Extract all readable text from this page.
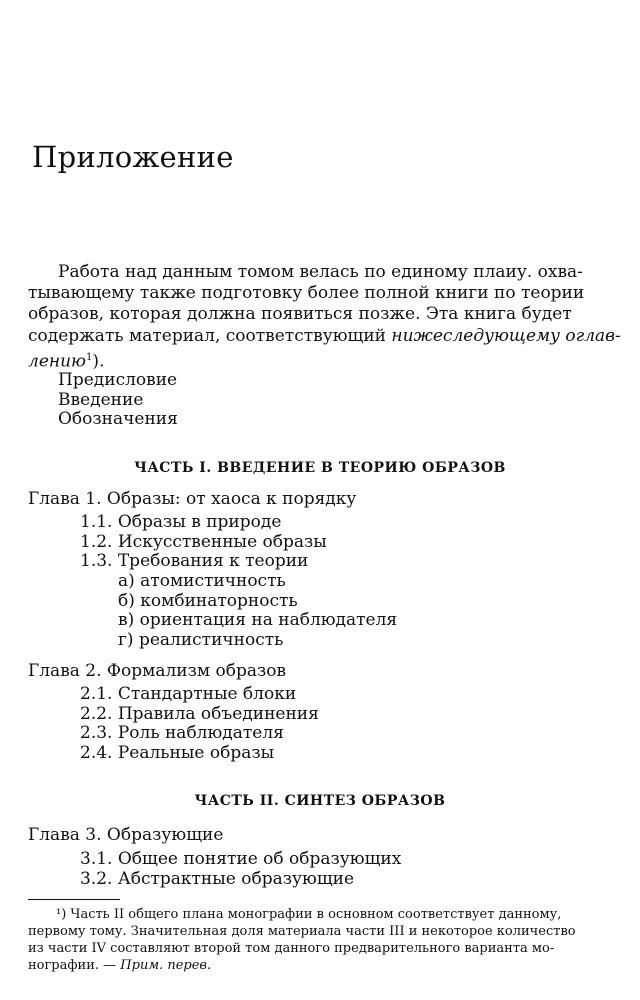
Приложение
Работа над данным томом велась по единому плаиу. охва-
тывающему также подготовку более полной книги по теории
образов, которая должна появиться позже. Эта книга будет
содержать материал, соответствующий нижеследующему оглав-
лению$^1$).
Предисловие
Введение
Обозначения
ЧАСТЬ I. ВВЕДЕНИЕ В ТЕОРИЮ ОБРАЗОВ
Глава 1. Образы: от хаоса к порядку
1.1. Образы в природе
1.2. Искусственные образы
1.3. Требования к теории
а) атомистичность
б) комбинаторность
в) ориентация на наблюдателя
г) реалистичность
Глава 2. Формализм образов
2.1. Стандартные блоки
2.2. Правила объединения
2.3. Роль наблюдателя
2.4. Реальные образы
ЧАСТЬ II. СИНТЕЗ ОБРАЗОВ
Глава 3. Образующие
3.1. Общее понятие об образующих
3.2. Абстрактные образующие
¹) Часть II общего плана монографии в основном соответствует данному,
первому тому. Значительная доля материала части III и некоторое количество
из части IV составляют второй том данного предварительного варианта мо-
нографии. — Прим. перев.
